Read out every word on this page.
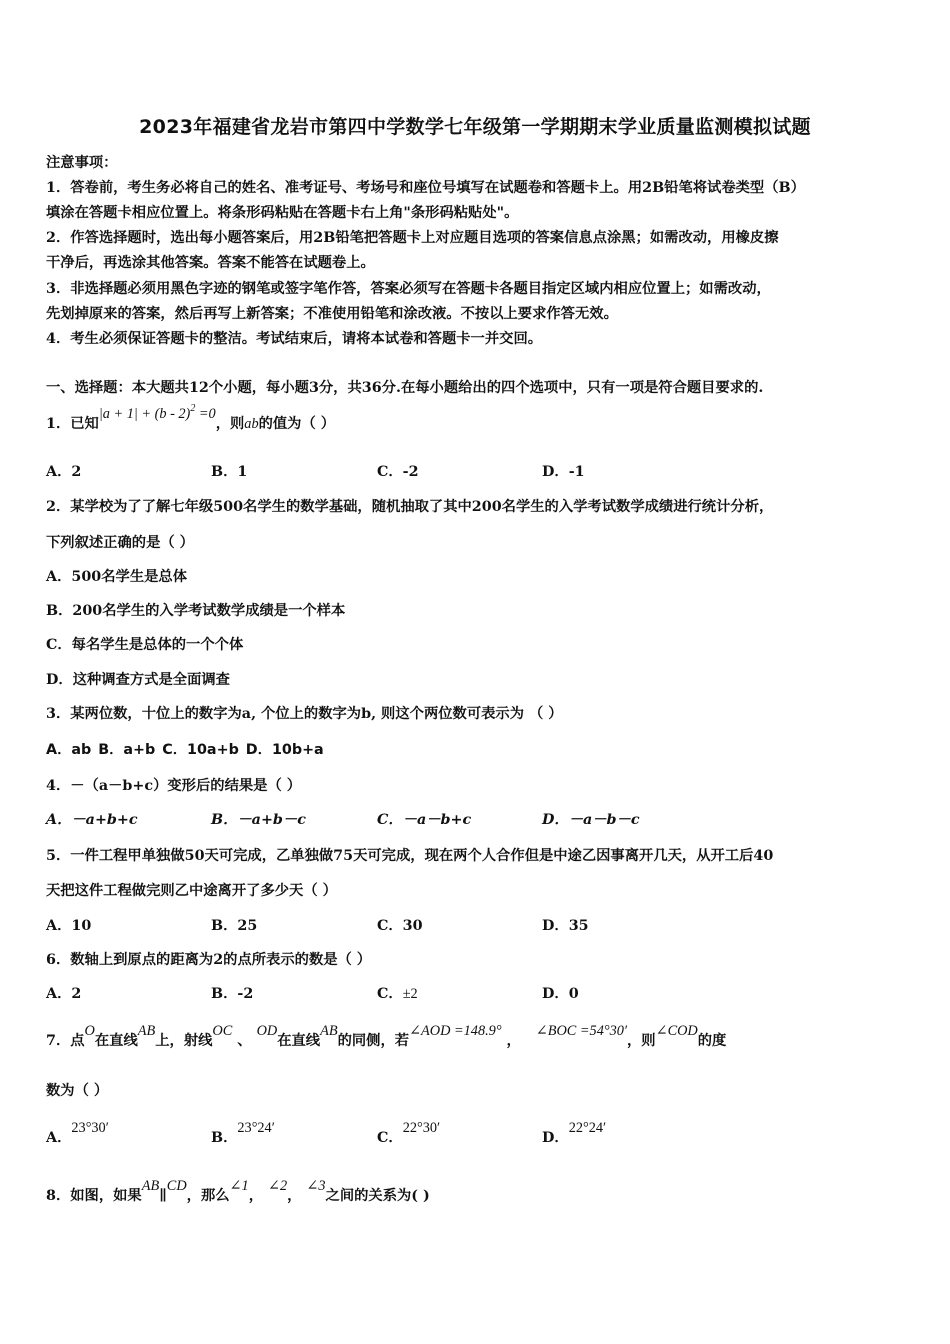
2023年福建省龙岩市第四中学数学七年级第一学期期末学业质量监测模拟试题
注意事项：
1．答卷前，考生务必将自己的姓名、准考证号、考场号和座位号填写在试题卷和答题卡上。用2B铅笔将试卷类型（B）
填涂在答题卡相应位置上。将条形码粘贴在答题卡右上角"条形码粘贴处"。
2．作答选择题时，选出每小题答案后，用2B铅笔把答题卡上对应题目选项的答案信息点涂黑；如需改动，用橡皮擦
干净后，再选涂其他答案。答案不能答在试题卷上。
3．非选择题必须用黑色字迹的钢笔或签字笔作答，答案必须写在答题卡各题目指定区域内相应位置上；如需改动，
先划掉原来的答案，然后再写上新答案；不准使用铅笔和涂改液。不按以上要求作答无效。
4．考生必须保证答题卡的整洁。考试结束后，请将本试卷和答题卡一并交回。
一、选择题：本大题共12个小题，每小题3分，共36分.在每小题给出的四个选项中，只有一项是符合题目要求的.
1．已知|a + 1| + (b - 2)$^2$ =0，则ab的值为（ ）
A．2	B．1	C．-2	D．-1
2．某学校为了了解七年级500名学生的数学基础，随机抽取了其中200名学生的入学考试数学成绩进行统计分析，
下列叙述正确的是（ ）
A．500名学生是总体
B．200名学生的入学考试数学成绩是一个样本
C．每名学生是总体的一个个体
D．这种调查方式是全面调查
3．某两位数，十位上的数字为a, 个位上的数字为b, 则这个两位数可表示为 （ ）
A．ab B．a+b C．10a+b D．10b+a
4．－（a－b+c）变形后的结果是（ ）
A．－a+b+c	B．－a+b－c	C．－a－b+c	D．－a－b－c
5．一件工程甲单独做50天可完成，乙单独做75天可完成，现在两个人合作但是中途乙因事离开几天，从开工后40
天把这件工程做完则乙中途离开了多少天（ ）
A．10	B．25	C．30	D．35
6．数轴上到原点的距离为2的点所表示的数是（ ）
A．2	B．-2	C．±2	D．0
7．点O在直线AB上，射线OC 、 OD在直线AB的同侧，若∠AOD =148.9° ，   ∠BOC =54°30′，则∠COD的度
数为（ ）
A．23°30′
B．23°24′
C．22°30′
D．22°24′
8．如图，如果AB∥CD，那么∠1， ∠2， ∠3之间的关系为( )
